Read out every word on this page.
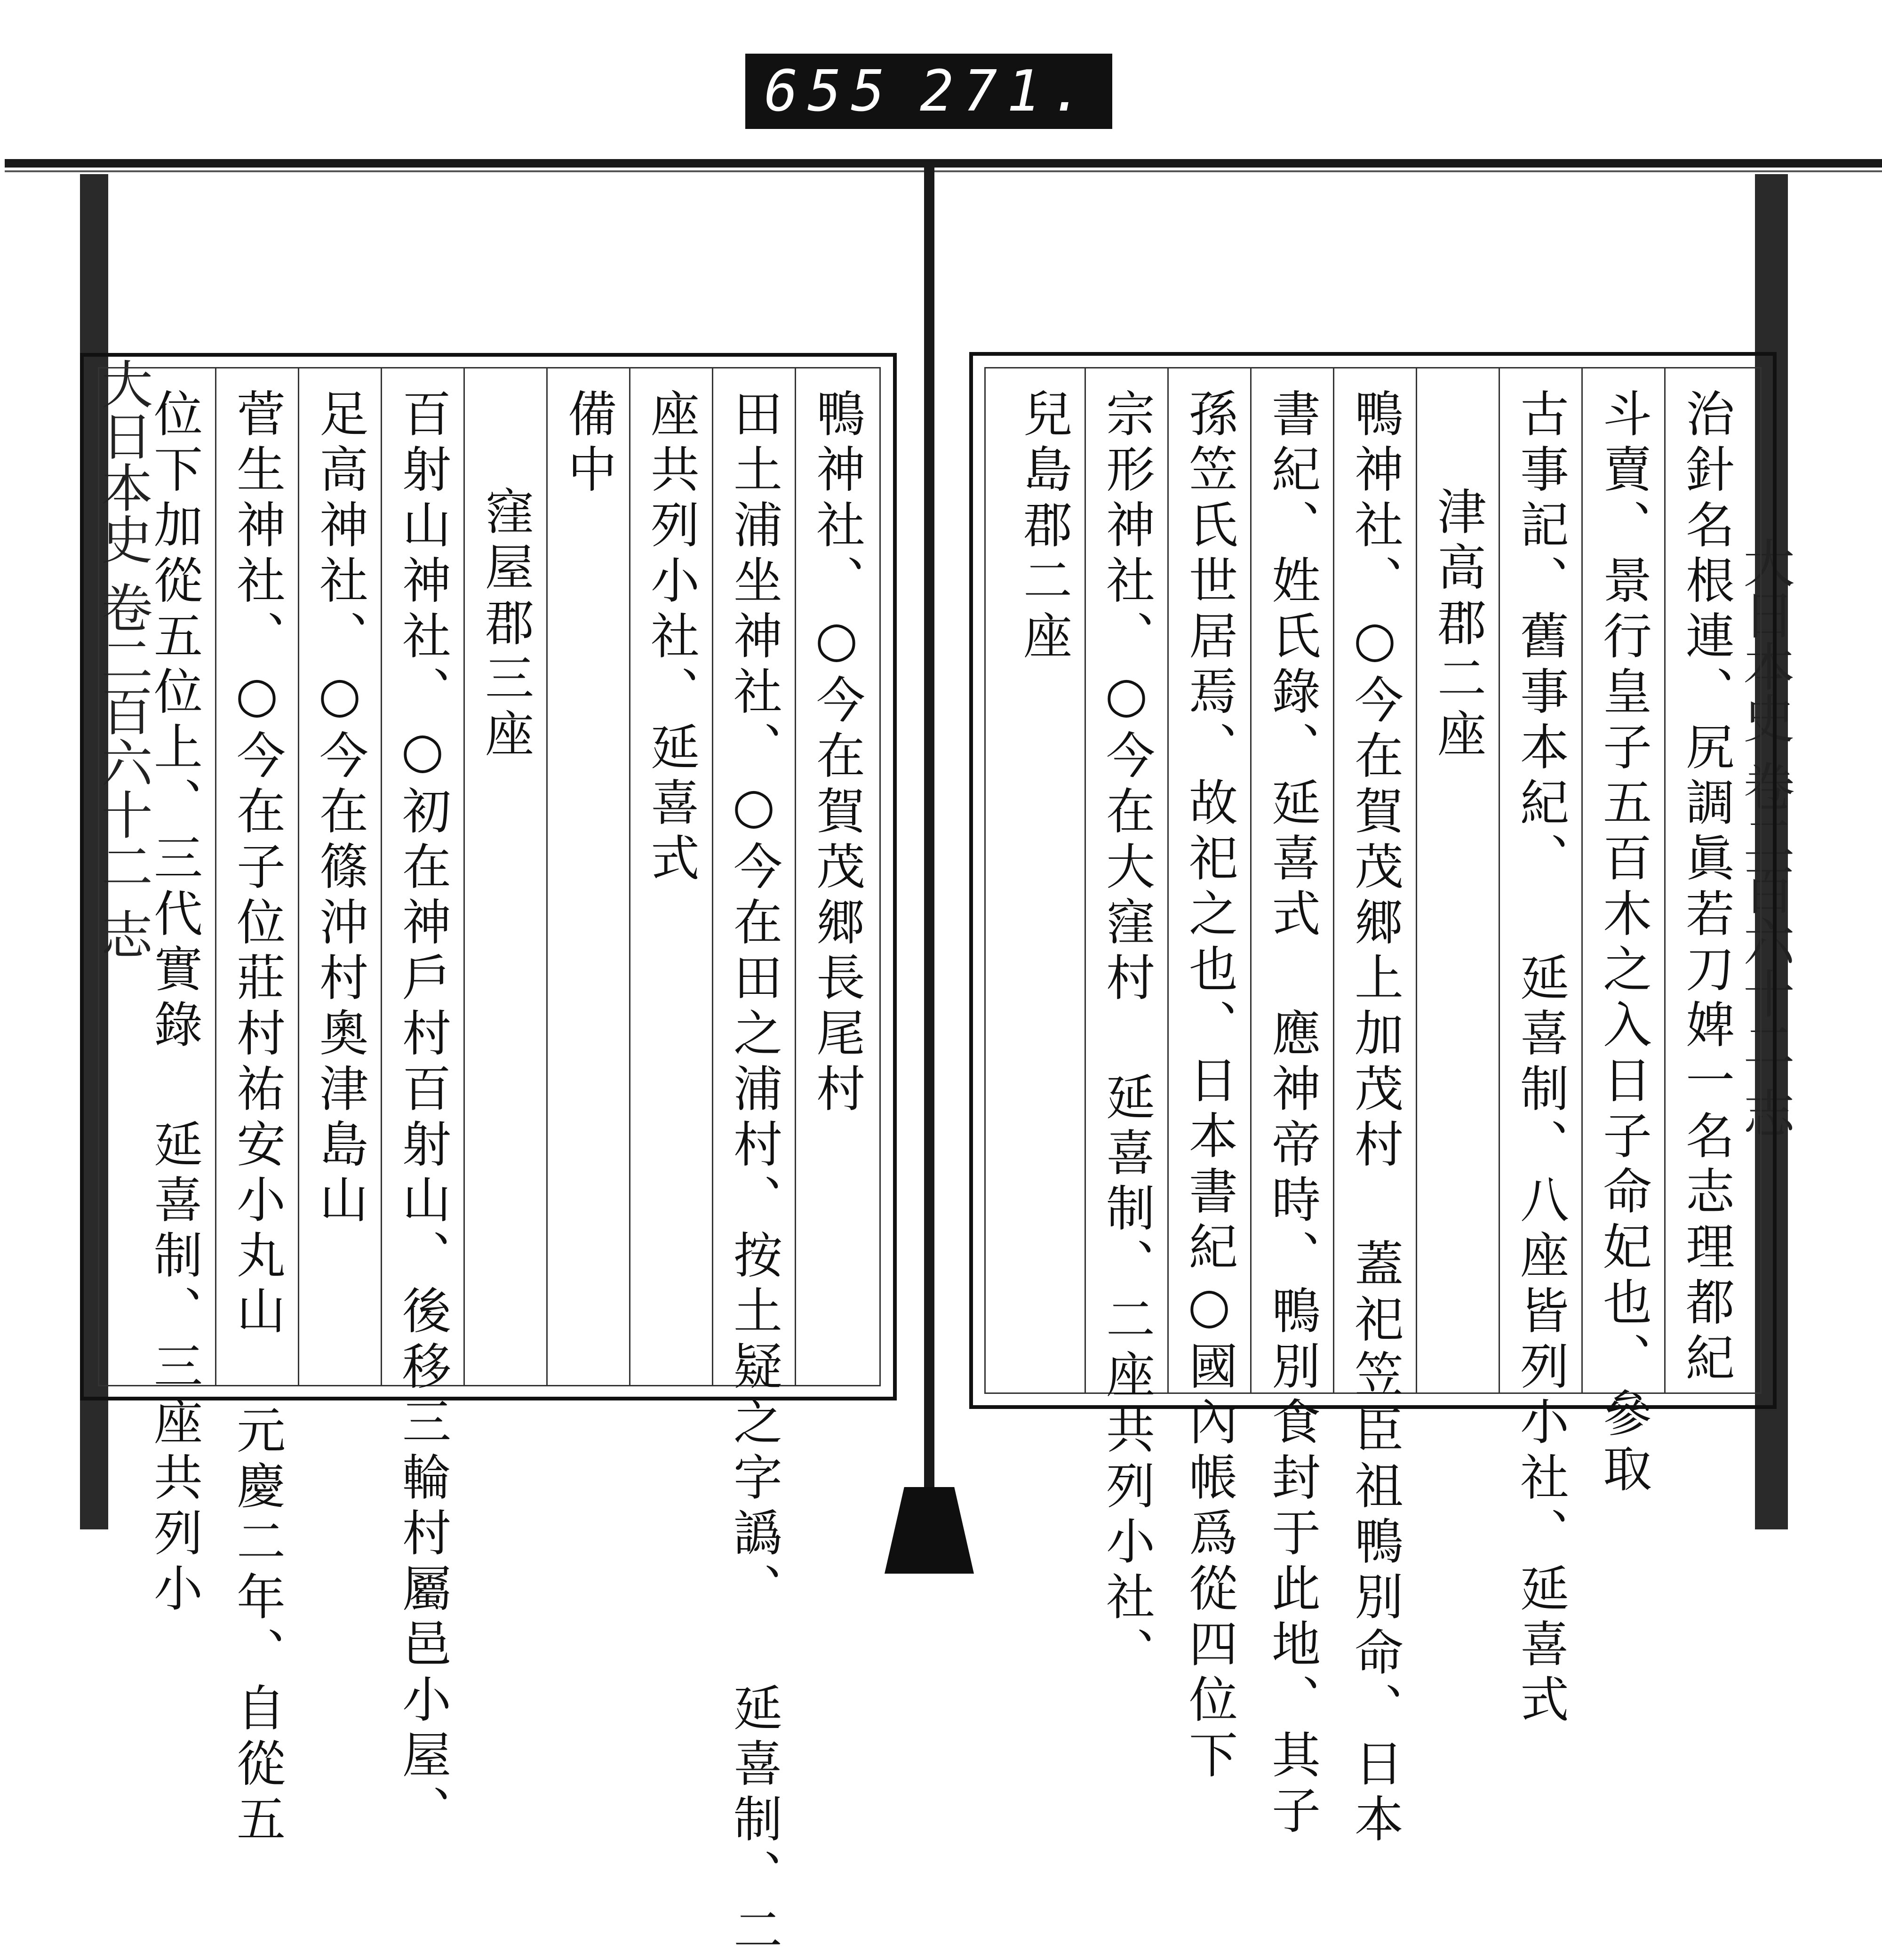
655 271.
大日本史 卷二百六十二 志	大日本史 卷二百六十二 志
鴨神社、○今在賀茂郷長尾村
田土浦坐神社、○今在田之浦村、按土疑之字譌、 延喜制、二
座共列小社、延喜式
備中
窪屋郡三座
百射山神社、○初在神戶村百射山、後移三輪村屬邑小屋、
足高神社、○今在篠沖村奧津島山
菅生神社、○今在子位莊村祐安小丸山 元慶二年、自從五
位下加從五位上、三代實錄 延喜制、三座共列小	治針名根連、尻調眞若刀婢一名志理都紀
斗賣、景行皇子五百木之入日子命妃也、參取
古事記、舊事本紀、 延喜制、八座皆列小社、延喜式
津高郡二座
鴨神社、○今在賀茂郷上加茂村 蓋祀笠臣祖鴨別命、日本
書紀、姓氏錄、延喜式 應神帝時、鴨別食封于此地、其子
孫笠氏世居焉、故祀之也、日本書紀○國內帳爲從四位下
宗形神社、○今在大窪村 延喜制、二座共列小社、
兒島郡二座
